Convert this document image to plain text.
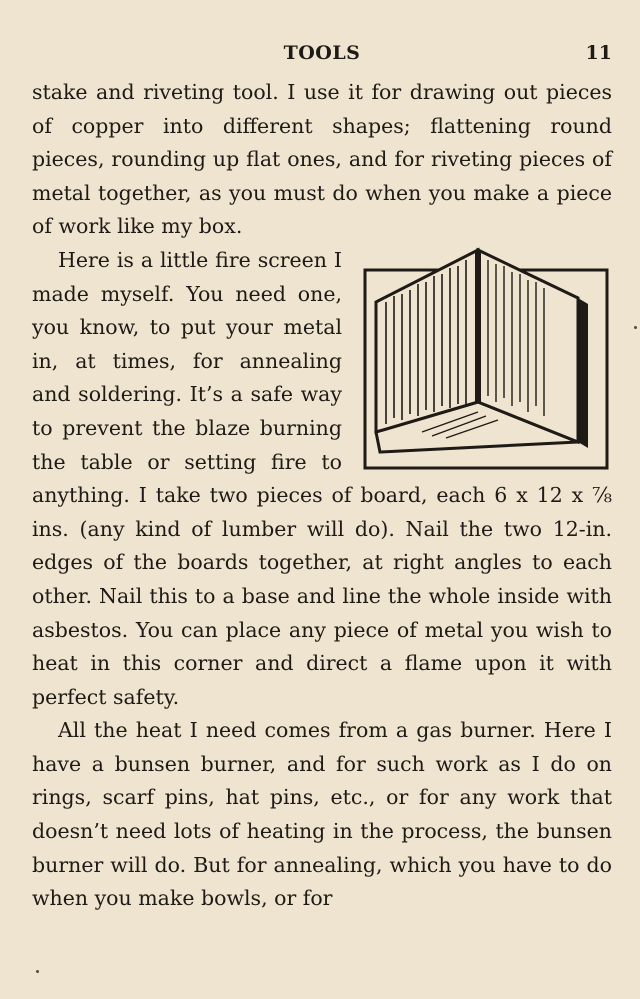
TOOLS	11

stake and riveting tool. I use it for drawing out pieces of copper into different shapes; flattening round pieces, rounding up flat ones, and for riveting pieces of metal together, as you must do when you make a piece of work like my box.

Here is a little fire screen I made myself. You need one, you know, to put your metal in, at times, for annealing and soldering. It’s a safe way to prevent the blaze burning the table or setting fire to anything. I take two pieces of board, each 6 x 12 x ⅞ ins. (any kind of lumber will do). Nail the two 12-in. edges of the boards together, at right angles to each other. Nail this to a base and line the whole inside with asbestos. You can place any piece of metal you wish to heat in this corner and direct a flame upon it with perfect safety.

All the heat I need comes from a gas burner. Here I have a bunsen burner, and for such work as I do on rings, scarf pins, hat pins, etc., or for any work that doesn’t need lots of heating in the process, the bunsen burner will do. But for annealing, which you have to do when you make bowls, or for
